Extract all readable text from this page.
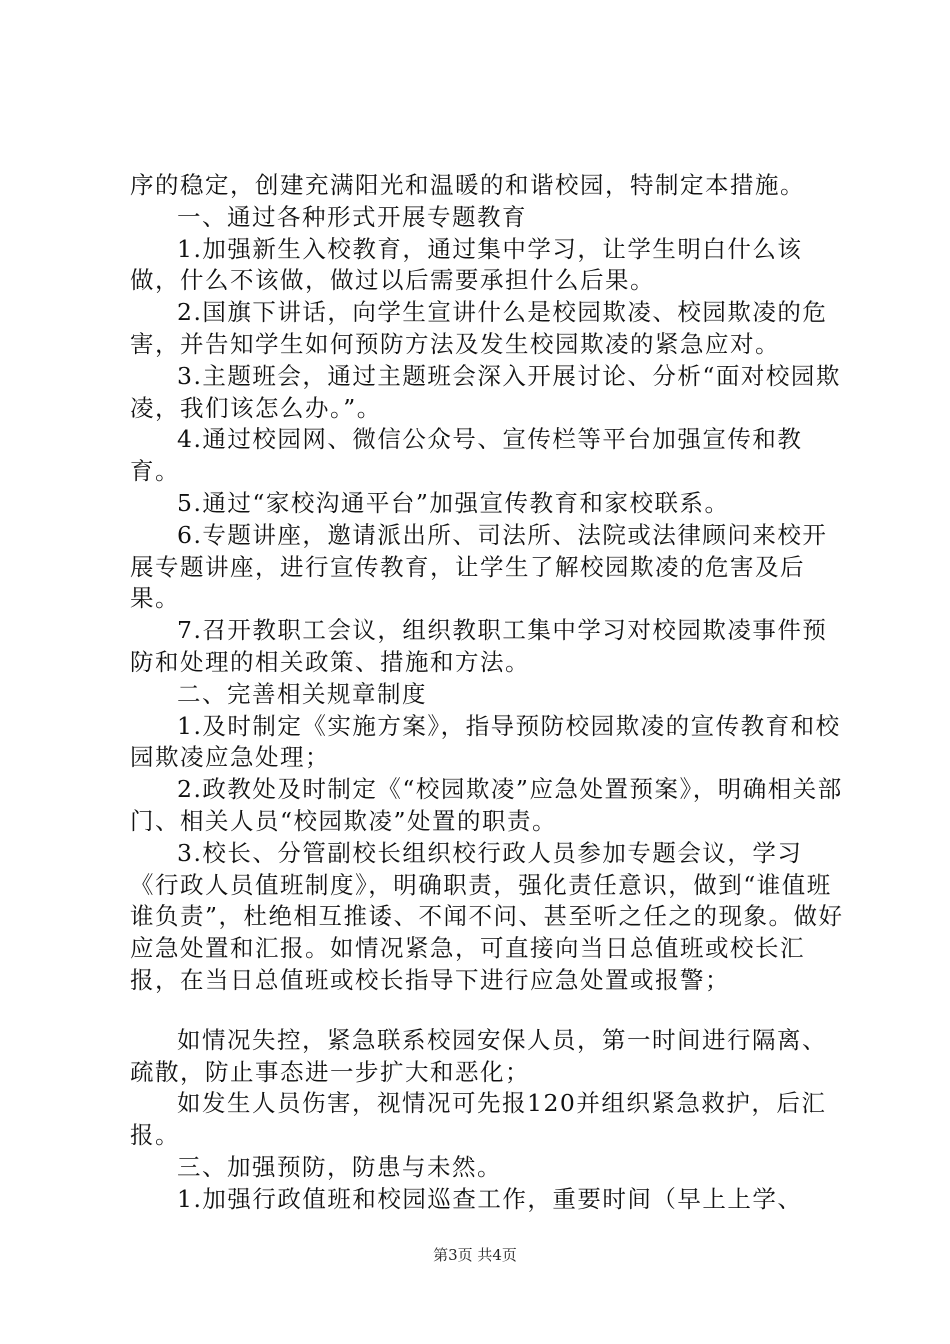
序的稳定，创建充满阳光和温暖的和谐校园，特制定本措施。

一、通过各种形式开展专题教育

1.加强新生入校教育，通过集中学习，让学生明白什么该做，什么不该做，做过以后需要承担什么后果。

2.国旗下讲话，向学生宣讲什么是校园欺凌、校园欺凌的危害，并告知学生如何预防方法及发生校园欺凌的紧急应对。

3.主题班会，通过主题班会深入开展讨论、分析“面对校园欺凌，我们该怎么办。”。

4.通过校园网、微信公众号、宣传栏等平台加强宣传和教育。

5.通过“家校沟通平台”加强宣传教育和家校联系。

6.专题讲座，邀请派出所、司法所、法院或法律顾问来校开展专题讲座，进行宣传教育，让学生了解校园欺凌的危害及后果。

7.召开教职工会议，组织教职工集中学习对校园欺凌事件预防和处理的相关政策、措施和方法。

二、完善相关规章制度

1.及时制定《实施方案》，指导预防校园欺凌的宣传教育和校园欺凌应急处理；

2.政教处及时制定《“校园欺凌”应急处置预案》，明确相关部门、相关人员“校园欺凌”处置的职责。

3.校长、分管副校长组织校行政人员参加专题会议，学习《行政人员值班制度》，明确职责，强化责任意识，做到“谁值班谁负责”，杜绝相互推诿、不闻不问、甚至听之任之的现象。做好应急处置和汇报。如情况紧急，可直接向当日总值班或校长汇报，在当日总值班或校长指导下进行应急处置或报警；

如情况失控，紧急联系校园安保人员，第一时间进行隔离、疏散，防止事态进一步扩大和恶化；

如发生人员伤害，视情况可先报120并组织紧急救护，后汇报。

三、加强预防，防患与未然。

1.加强行政值班和校园巡查工作，重要时间（早上上学、

第3页 共4页
